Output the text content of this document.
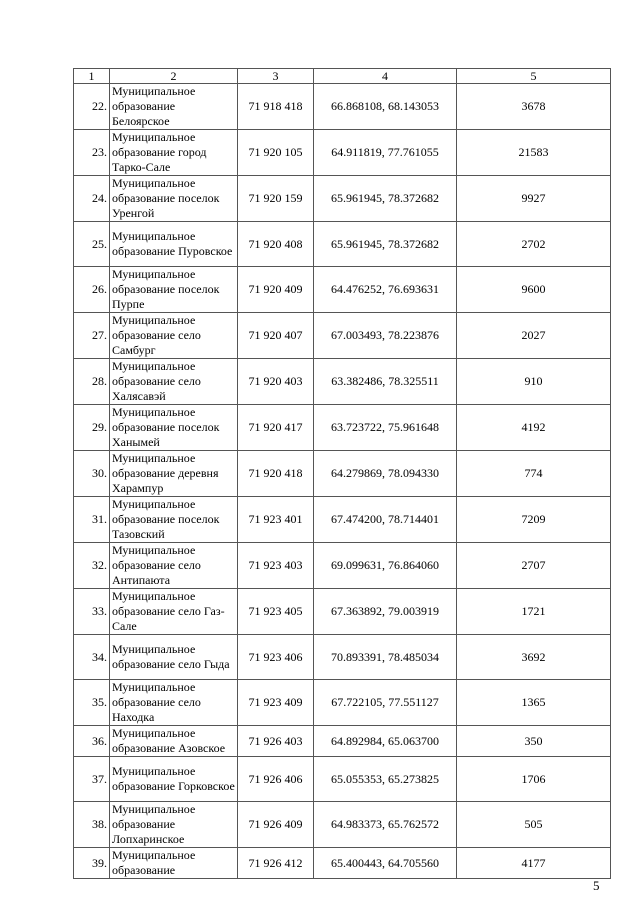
1	2	3	4	5
22.	Муниципальное образование Белоярское	71 918 418	66.868108, 68.143053	3678
23.	Муниципальное образование город Тарко-Сале	71 920 105	64.911819, 77.761055	21583
24.	Муниципальное образование поселок Уренгой	71 920 159	65.961945, 78.372682	9927
25.	Муниципальное образование Пуровское	71 920 408	65.961945, 78.372682	2702
26.	Муниципальное образование поселок Пурпе	71 920 409	64.476252, 76.693631	9600
27.	Муниципальное образование село Самбург	71 920 407	67.003493, 78.223876	2027
28.	Муниципальное образование село Халясавэй	71 920 403	63.382486, 78.325511	910
29.	Муниципальное образование поселок Ханымей	71 920 417	63.723722, 75.961648	4192
30.	Муниципальное образование деревня Харампур	71 920 418	64.279869, 78.094330	774
31.	Муниципальное образование поселок Тазовский	71 923 401	67.474200, 78.714401	7209
32.	Муниципальное образование село Антипаюта	71 923 403	69.099631, 76.864060	2707
33.	Муниципальное образование село Газ-Сале	71 923 405	67.363892, 79.003919	1721
34.	Муниципальное образование село Гыда	71 923 406	70.893391, 78.485034	3692
35.	Муниципальное образование село Находка	71 923 409	67.722105, 77.551127	1365
36.	Муниципальное образование Азовское	71 926 403	64.892984, 65.063700	350
37.	Муниципальное образование Горковское	71 926 406	65.055353, 65.273825	1706
38.	Муниципальное образование Лопхаринское	71 926 409	64.983373, 65.762572	505
39.	Муниципальное образование	71 926 412	65.400443, 64.705560	4177
5
